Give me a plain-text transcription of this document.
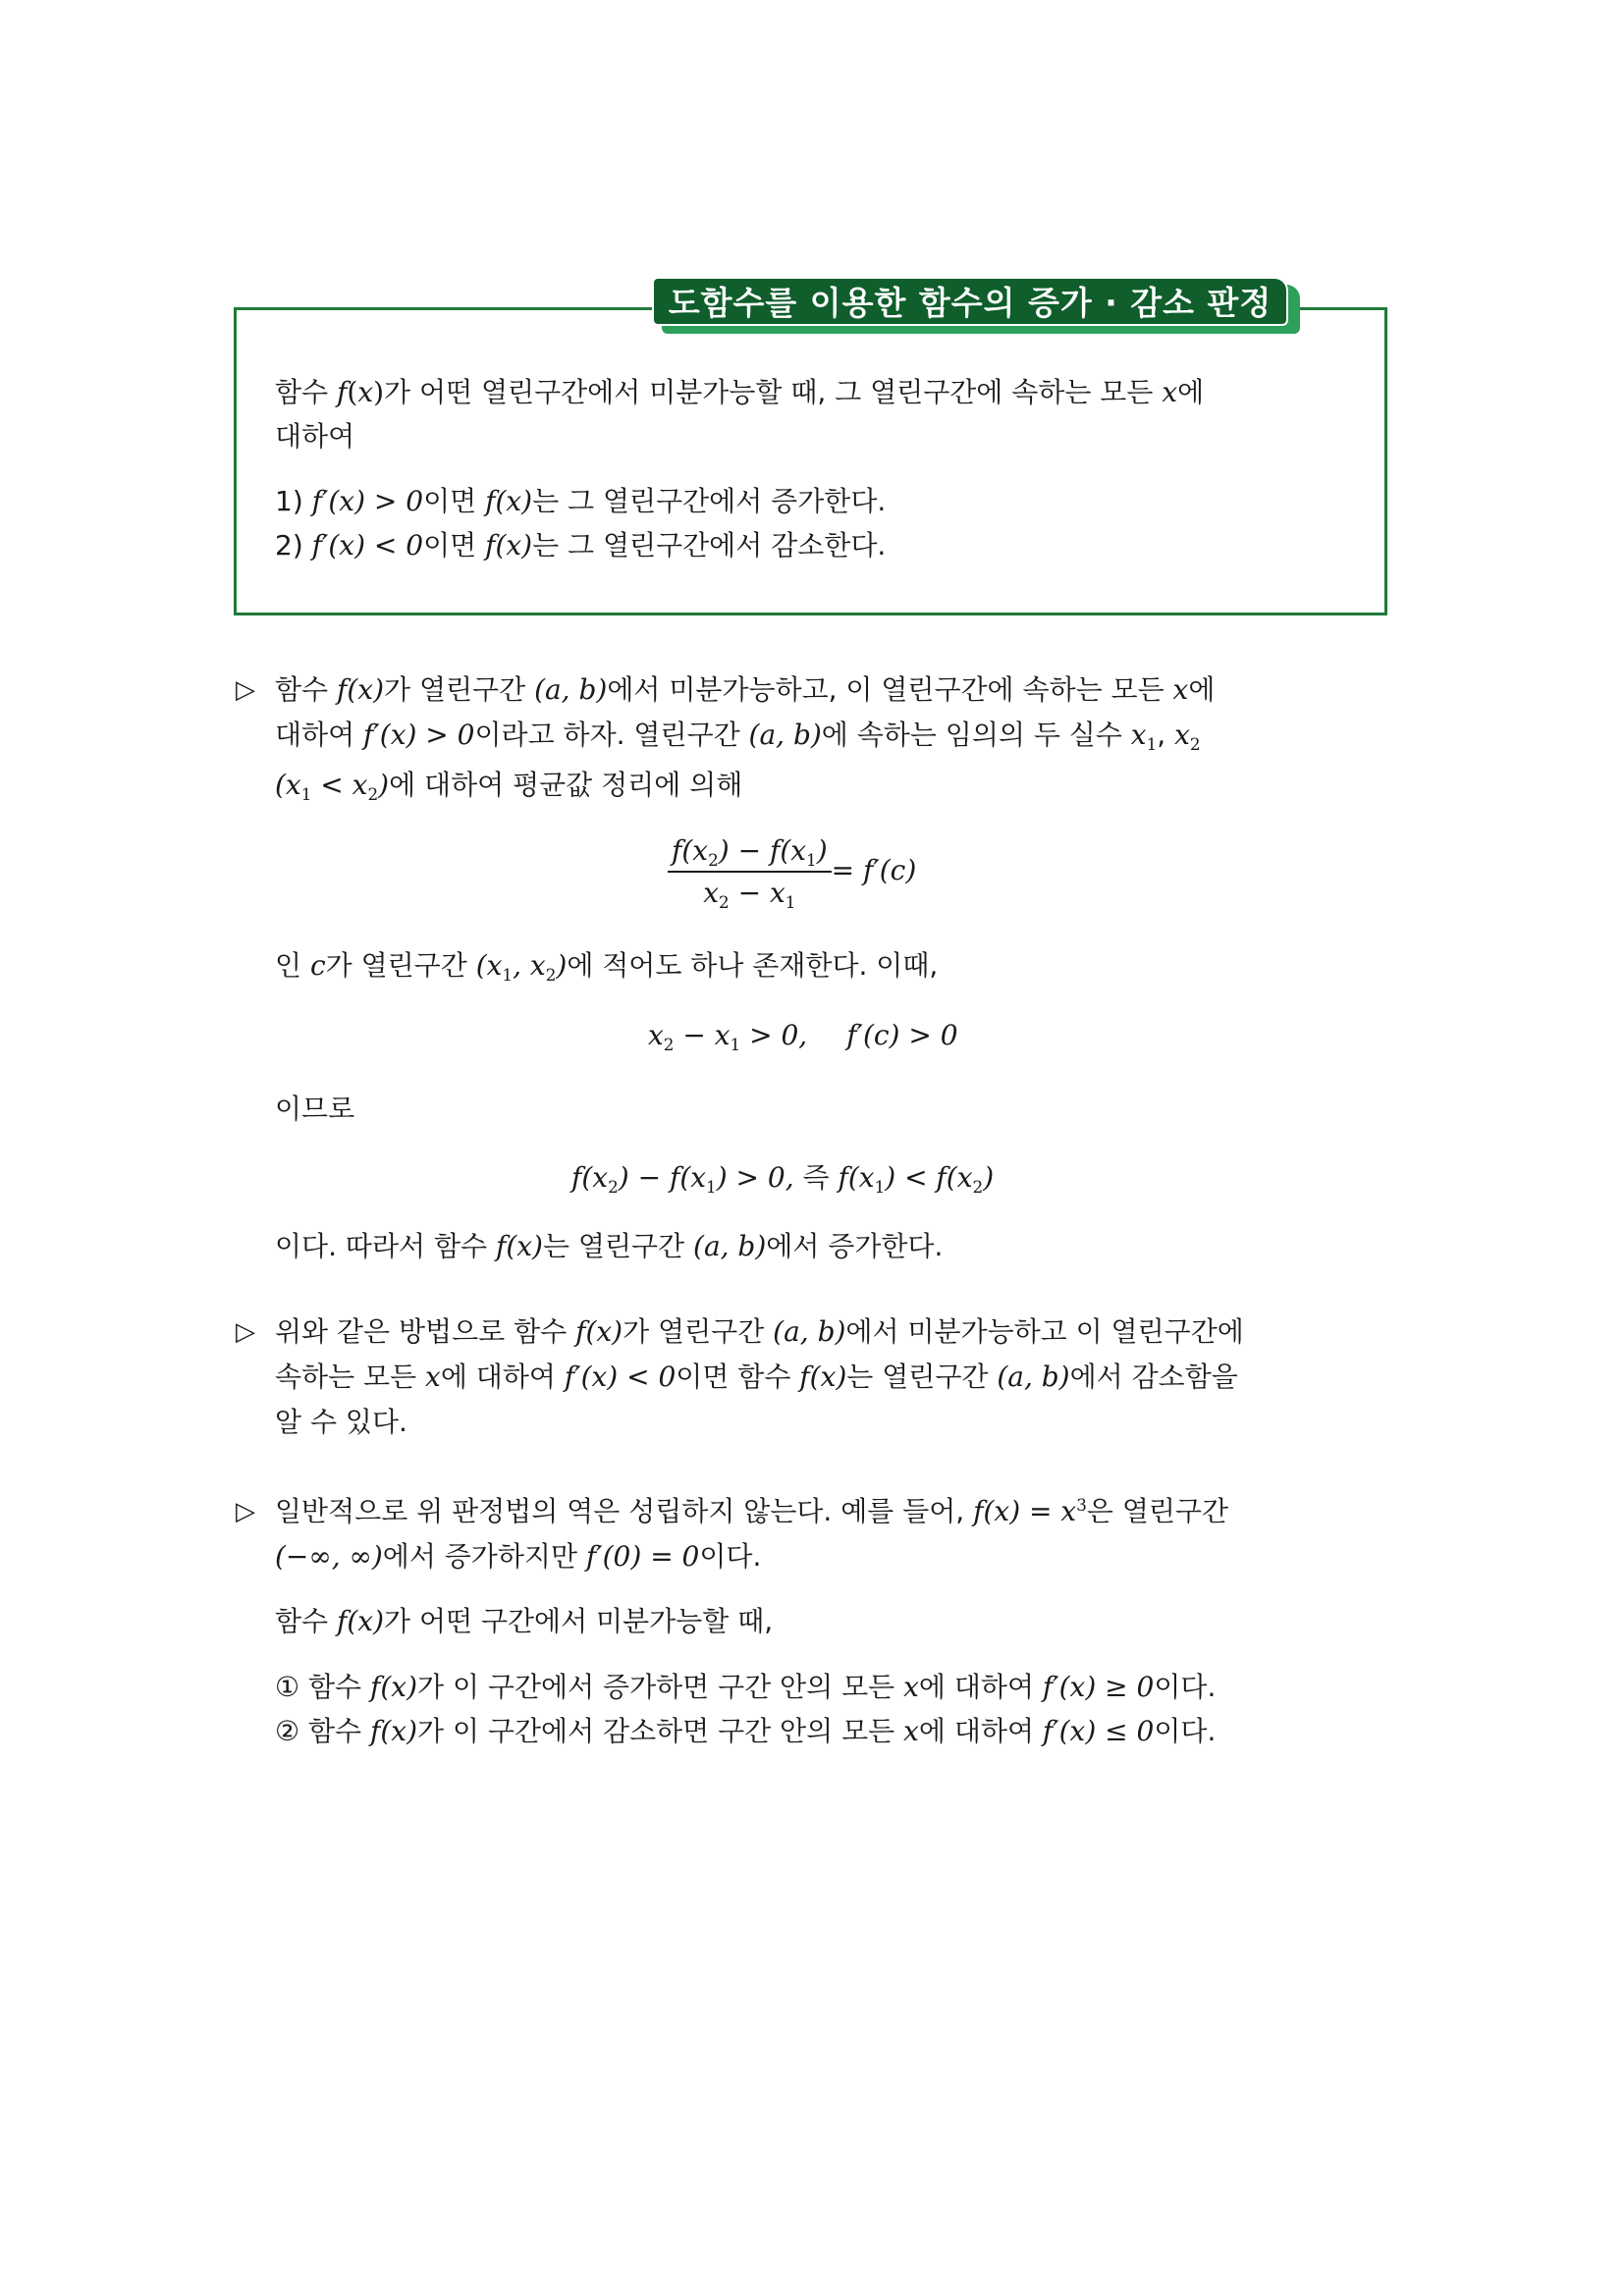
도함수를 이용한 함수의 증가 · 감소 판정
함수 f(x)가 어떤 열린구간에서 미분가능할 때, 그 열린구간에 속하는 모든 x에
대하여
1) f′(x) > 0이면 f(x)는 그 열린구간에서 증가한다.
2) f′(x) < 0이면 f(x)는 그 열린구간에서 감소한다.
▷ 함수 f(x)가 열린구간 (a, b)에서 미분가능하고, 이 열린구간에 속하는 모든 x에
대하여 f′(x) > 0이라고 하자. 열린구간 (a, b)에 속하는 임의의 두 실수 $x_1$, $x_2$
$(x_1 < x_2)$에 대하여 평균값 정리에 의해
$\frac{f(x_2) - f(x_1)}{x_2 - x_1} = f'(c)$
인 c가 열린구간 ($x_1$, $x_2$)에 적어도 하나 존재한다. 이때,
$x_2 - x_1 > 0$, f′(c) > 0
이므로
$f(x_2) - f(x_1) > 0$, 즉 $f(x_1) < f(x_2)$
이다. 따라서 함수 f(x)는 열린구간 (a, b)에서 증가한다.
▷ 위와 같은 방법으로 함수 f(x)가 열린구간 (a, b)에서 미분가능하고 이 열린구간에
속하는 모든 x에 대하여 f′(x) < 0이면 함수 f(x)는 열린구간 (a, b)에서 감소함을
알 수 있다.
▷ 일반적으로 위 판정법의 역은 성립하지 않는다. 예를 들어, $f(x) = x^3$은 열린구간
(−∞, ∞)에서 증가하지만 f′(0) = 0이다.
함수 f(x)가 어떤 구간에서 미분가능할 때,
① 함수 f(x)가 이 구간에서 증가하면 구간 안의 모든 x에 대하여 f′(x) ≥ 0이다.
② 함수 f(x)가 이 구간에서 감소하면 구간 안의 모든 x에 대하여 f′(x) ≤ 0이다.
